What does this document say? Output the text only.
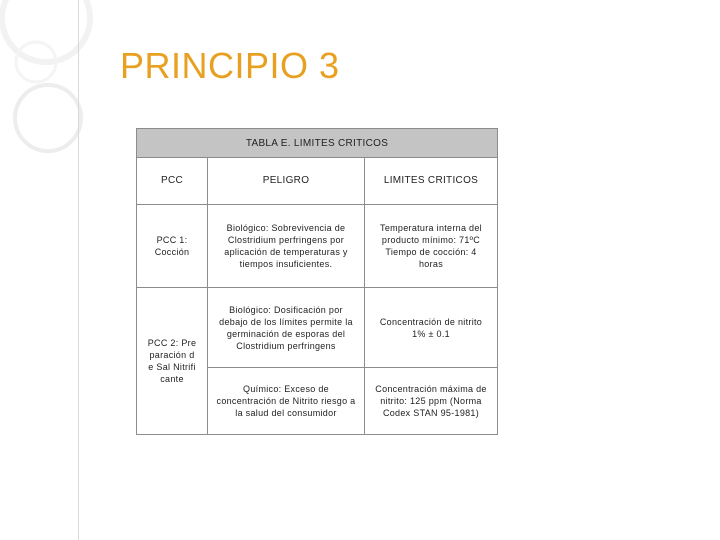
PRINCIPIO 3
TABLA E. LIMITES CRITICOS
PCC	PELIGRO	LIMITES CRITICOS
PCC 1: Cocción
Biológico: Sobrevivencia de Clostridium perfringens por aplicación de temperaturas y tiempos insuficientes.
Temperatura interna del producto mínimo: 71ºC Tiempo de cocción: 4 horas
PCC 2: Preparación de Sal Nitrificante
Biológico: Dosificación por debajo de los límites permite la germinación de esporas del Clostridium perfringens
Concentración de nitrito 1% ± 0.1
Químico: Exceso de concentración de Nitrito riesgo a la salud del consumidor
Concentración máxima de nitrito: 125 ppm (Norma Codex STAN 95-1981)
